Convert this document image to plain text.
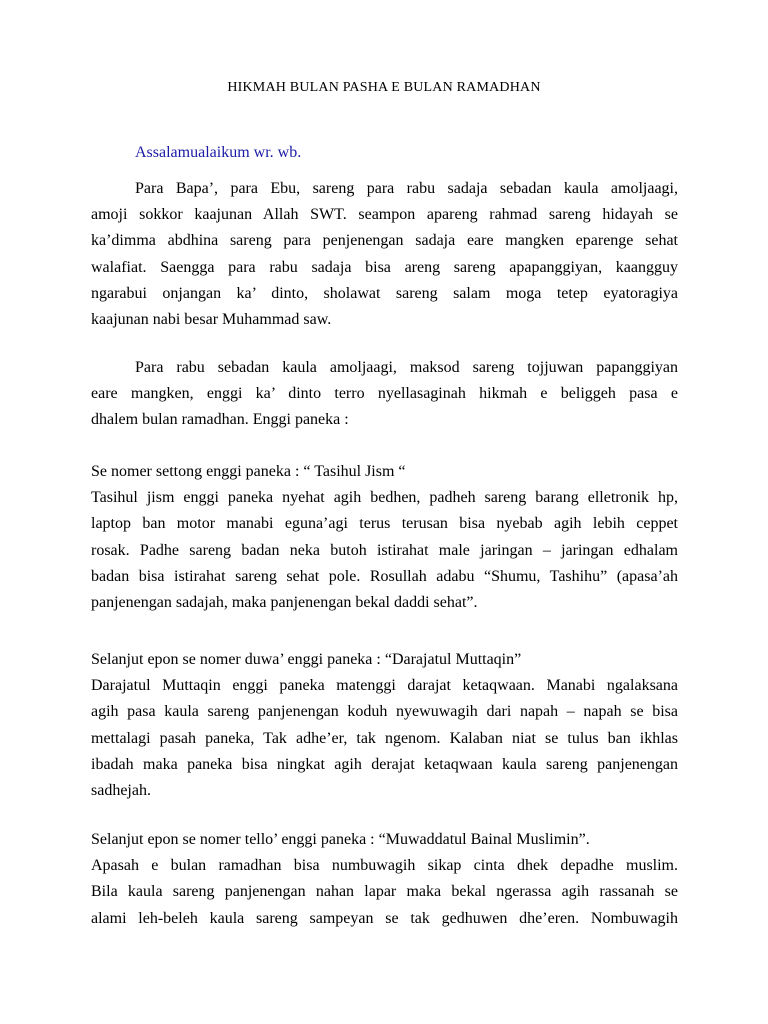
HIKMAH BULAN PASHA E BULAN RAMADHAN
Assalamualaikum wr. wb.
Para Bapa’, para Ebu, sareng para rabu sadaja sebadan kaula amoljaagi,
amoji sokkor kaajunan Allah SWT. seampon apareng rahmad sareng hidayah se
ka’dimma abdhina sareng para penjenengan sadaja eare mangken eparenge sehat
walafiat. Saengga para rabu sadaja bisa areng sareng apapanggiyan, kaangguy
ngarabui onjangan ka’ dinto, sholawat sareng salam moga tetep eyatoragiya
kaajunan nabi besar Muhammad saw.
Para rabu sebadan kaula amoljaagi, maksod sareng tojjuwan papanggiyan
eare mangken, enggi ka’ dinto terro nyellasaginah hikmah e beliggeh pasa e
dhalem bulan ramadhan. Enggi paneka :
Se nomer settong enggi paneka : “ Tasihul Jism “
Tasihul jism enggi paneka nyehat agih bedhen, padheh sareng barang elletronik hp,
laptop ban motor manabi eguna’agi terus terusan bisa nyebab agih lebih ceppet
rosak. Padhe sareng badan neka butoh istirahat male jaringan – jaringan edhalam
badan bisa istirahat sareng sehat pole. Rosullah adabu “Shumu, Tashihu” (apasa’ah
panjenengan sadajah, maka panjenengan bekal daddi sehat”.
Selanjut epon se nomer duwa’ enggi paneka : “Darajatul Muttaqin”
Darajatul Muttaqin enggi paneka matenggi darajat ketaqwaan. Manabi ngalaksana
agih pasa kaula sareng panjenengan koduh nyewuwagih dari napah – napah se bisa
mettalagi pasah paneka, Tak adhe’er, tak ngenom. Kalaban niat se tulus ban ikhlas
ibadah maka paneka bisa ningkat agih derajat ketaqwaan kaula sareng panjenengan
sadhejah.
Selanjut epon se nomer tello’ enggi paneka : “Muwaddatul Bainal Muslimin”.
Apasah e bulan ramadhan bisa numbuwagih sikap cinta dhek depadhe muslim.
Bila kaula sareng panjenengan nahan lapar maka bekal ngerassa agih rassanah se
alami leh-beleh kaula sareng sampeyan se tak gedhuwen dhe’eren. Nombuwagih
